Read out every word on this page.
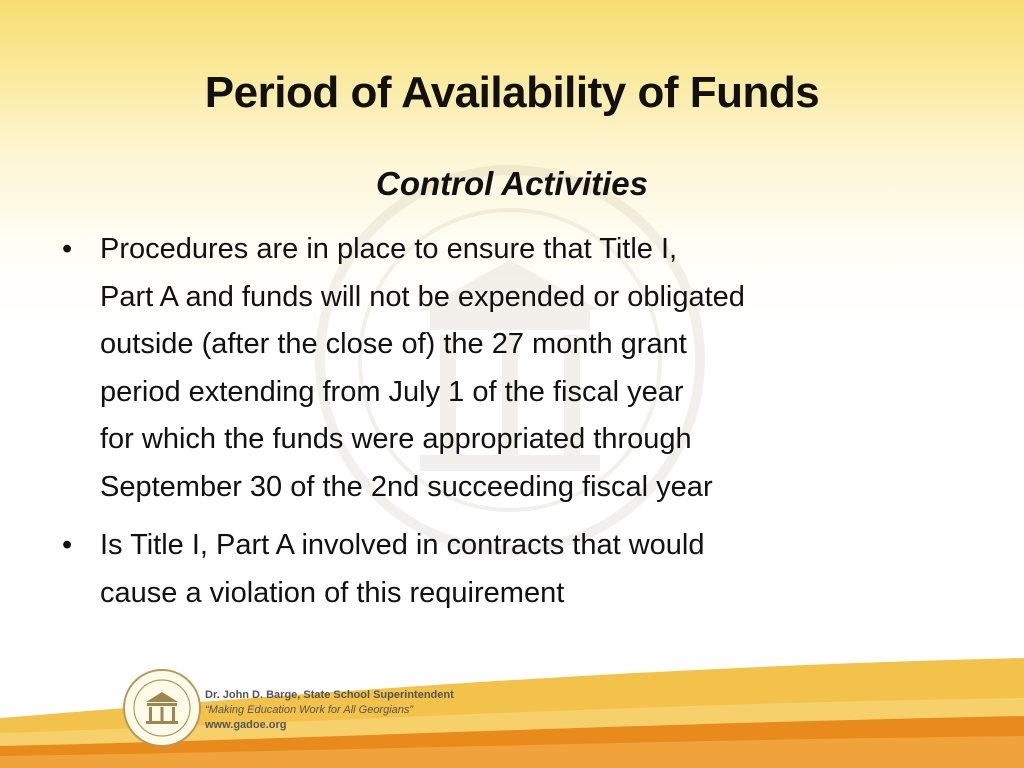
Period of Availability of Funds
Control Activities
• Procedures are in place to ensure that Title I,
Part A and funds will not be expended or obligated
outside (after the close of) the 27 month grant
period extending from July 1 of the fiscal year
for which the funds were appropriated through
September 30 of the 2nd succeeding fiscal year
• Is Title I, Part A involved in contracts that would
cause a violation of this requirement
Dr. John D. Barge, State School Superintendent
“Making Education Work for All Georgians”
www.gadoe.org
